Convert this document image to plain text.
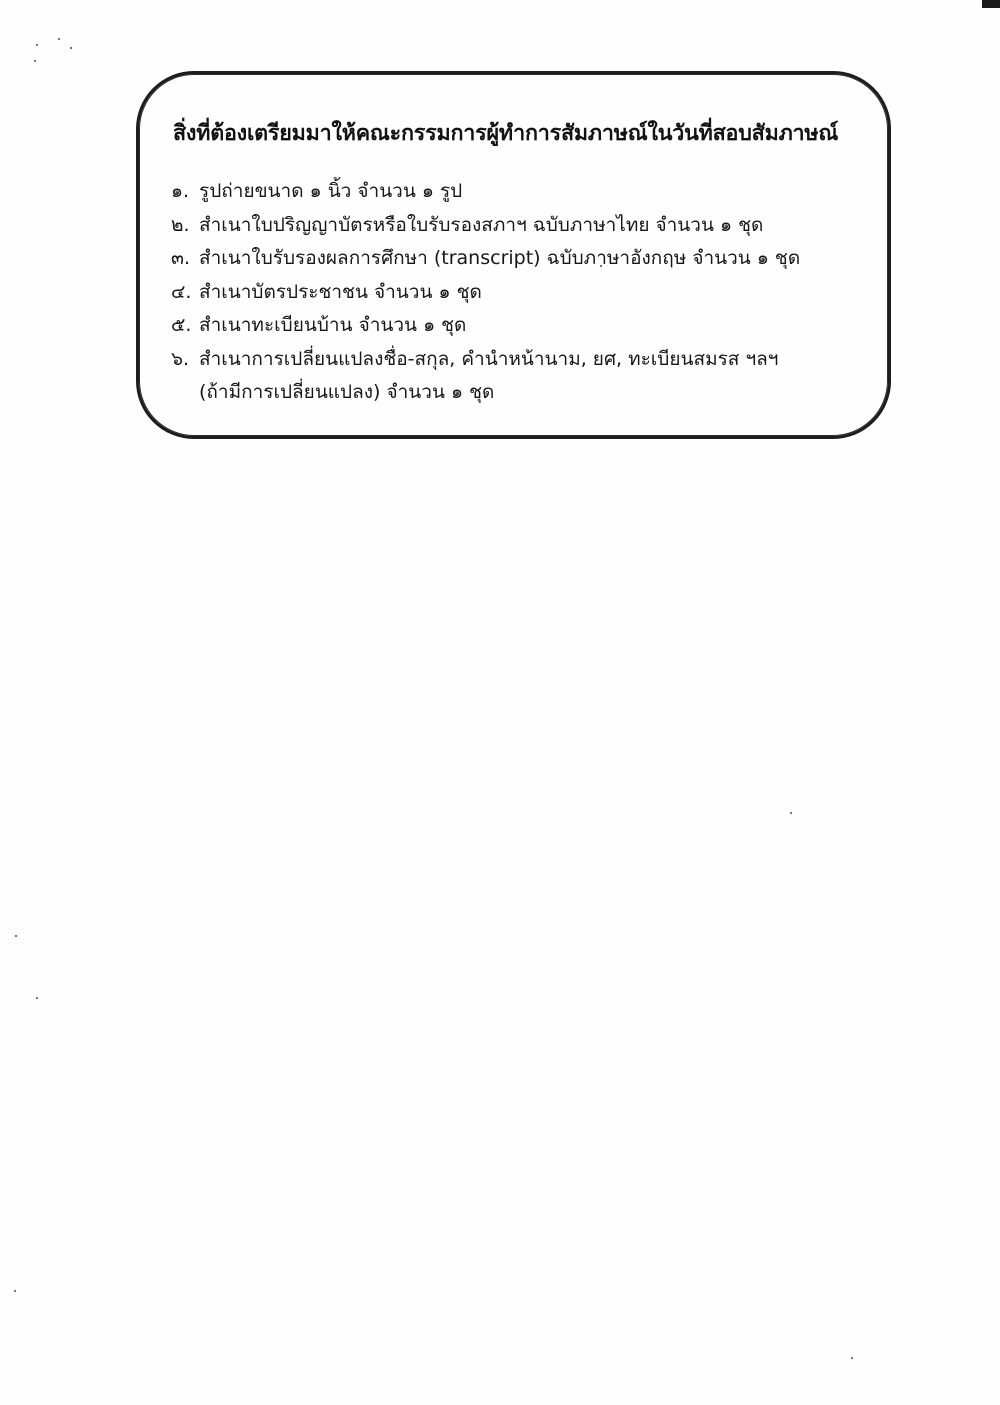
สิ่งที่ต้องเตรียมมาให้คณะกรรมการผู้ทำการสัมภาษณ์ในวันที่สอบสัมภาษณ์
๑. รูปถ่ายขนาด ๑ นิ้ว จำนวน ๑ รูป
๒. สำเนาใบปริญญาบัตรหรือใบรับรองสภาฯ ฉบับภาษาไทย จำนวน ๑ ชุด
๓. สำเนาใบรับรองผลการศึกษา (transcript) ฉบับภาษาอังกฤษ จำนวน ๑ ชุด
๔. สำเนาบัตรประชาชน จำนวน ๑ ชุด
๕. สำเนาทะเบียนบ้าน จำนวน ๑ ชุด
๖. สำเนาการเปลี่ยนแปลงชื่อ-สกุล, คำนำหน้านาม, ยศ, ทะเบียนสมรส ฯลฯ
(ถ้ามีการเปลี่ยนแปลง) จำนวน ๑ ชุด
